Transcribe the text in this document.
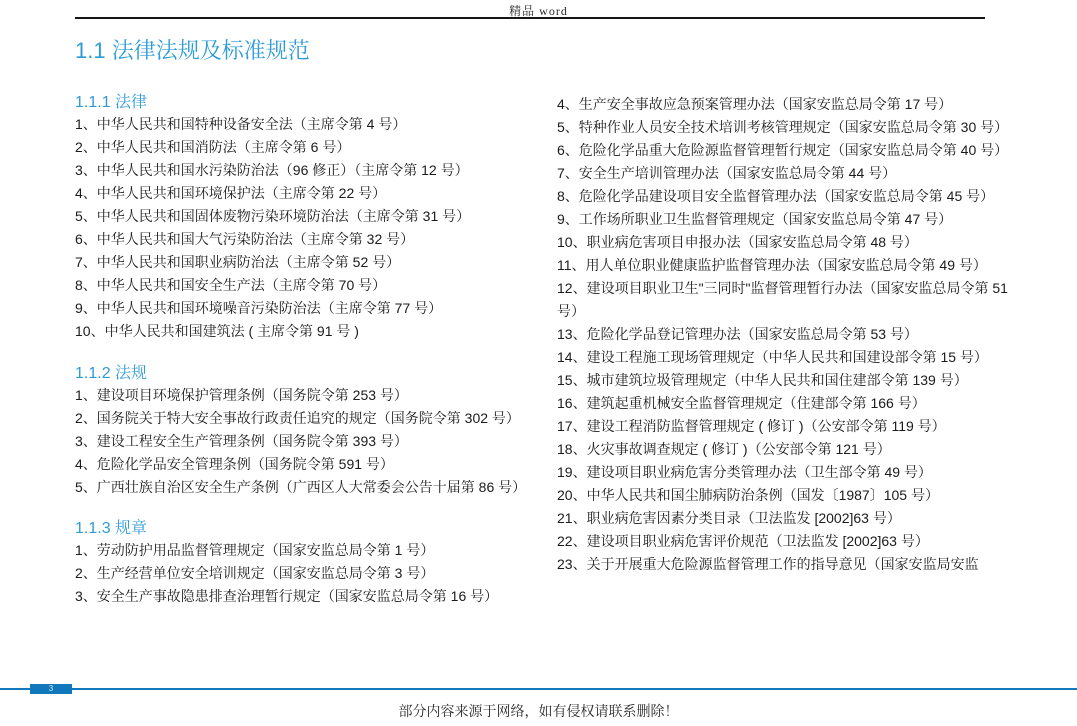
精品 word
1.1 法律法规及标准规范
1.1.1 法律

1、中华人民共和国特种设备安全法（主席令第 4 号）

2、中华人民共和国消防法（主席令第 6 号）

3、中华人民共和国水污染防治法（96 修正）（主席令第 12 号）

4、中华人民共和国环境保护法（主席令第 22 号）

5、中华人民共和国固体废物污染环境防治法（主席令第 31 号）

6、中华人民共和国大气污染防治法（主席令第 32 号）

7、中华人民共和国职业病防治法（主席令第 52 号）

8、中华人民共和国安全生产法（主席令第 70 号）

9、中华人民共和国环境噪音污染防治法（主席令第 77 号）

10、中华人民共和国建筑法 ( 主席令第 91 号 )

1.1.2 法规

1、建设项目环境保护管理条例（国务院令第 253 号）

2、国务院关于特大安全事故行政责任追究的规定（国务院令第 302 号）

3、建设工程安全生产管理条例（国务院令第 393 号）

4、危险化学品安全管理条例（国务院令第 591 号）

5、广西壮族自治区安全生产条例（广西区人大常委会公告十届第 86 号）

1.1.3 规章

1、劳动防护用品监督管理规定（国家安监总局令第 1 号）

2、生产经营单位安全培训规定（国家安监总局令第 3 号）

3、安全生产事故隐患排查治理暂行规定（国家安监总局令第 16 号）

4、生产安全事故应急预案管理办法（国家安监总局令第 17 号）

5、特种作业人员安全技术培训考核管理规定（国家安监总局令第 30 号）

6、危险化学品重大危险源监督管理暂行规定（国家安监总局令第 40 号）

7、安全生产培训管理办法（国家安监总局令第 44 号）

8、危险化学品建设项目安全监督管理办法（国家安监总局令第 45 号）

9、工作场所职业卫生监督管理规定（国家安监总局令第 47 号）

10、职业病危害项目申报办法（国家安监总局令第 48 号）

11、用人单位职业健康监护监督管理办法（国家安监总局令第 49 号）

12、建设项目职业卫生"三同时"监督管理暂行办法（国家安监总局令第 51 号）

13、危险化学品登记管理办法（国家安监总局令第 53 号）

14、建设工程施工现场管理规定（中华人民共和国建设部令第 15 号）

15、城市建筑垃圾管理规定（中华人民共和国住建部令第 139 号）

16、建筑起重机械安全监督管理规定（住建部令第 166 号）

17、建设工程消防监督管理规定 ( 修订 )（公安部令第 119 号）

18、火灾事故调查规定 ( 修订 )（公安部令第 121 号）

19、建设项目职业病危害分类管理办法（卫生部令第 49 号）

20、中华人民共和国尘肺病防治条例（国发〔1987〕105 号）

21、职业病危害因素分类目录（卫法监发 [2002]63 号）

22、建设项目职业病危害评价规范（卫法监发 [2002]63 号）

23、关于开展重大危险源监督管理工作的指导意见（国家安监局安监

3
部分内容来源于网络，如有侵权请联系删除！
